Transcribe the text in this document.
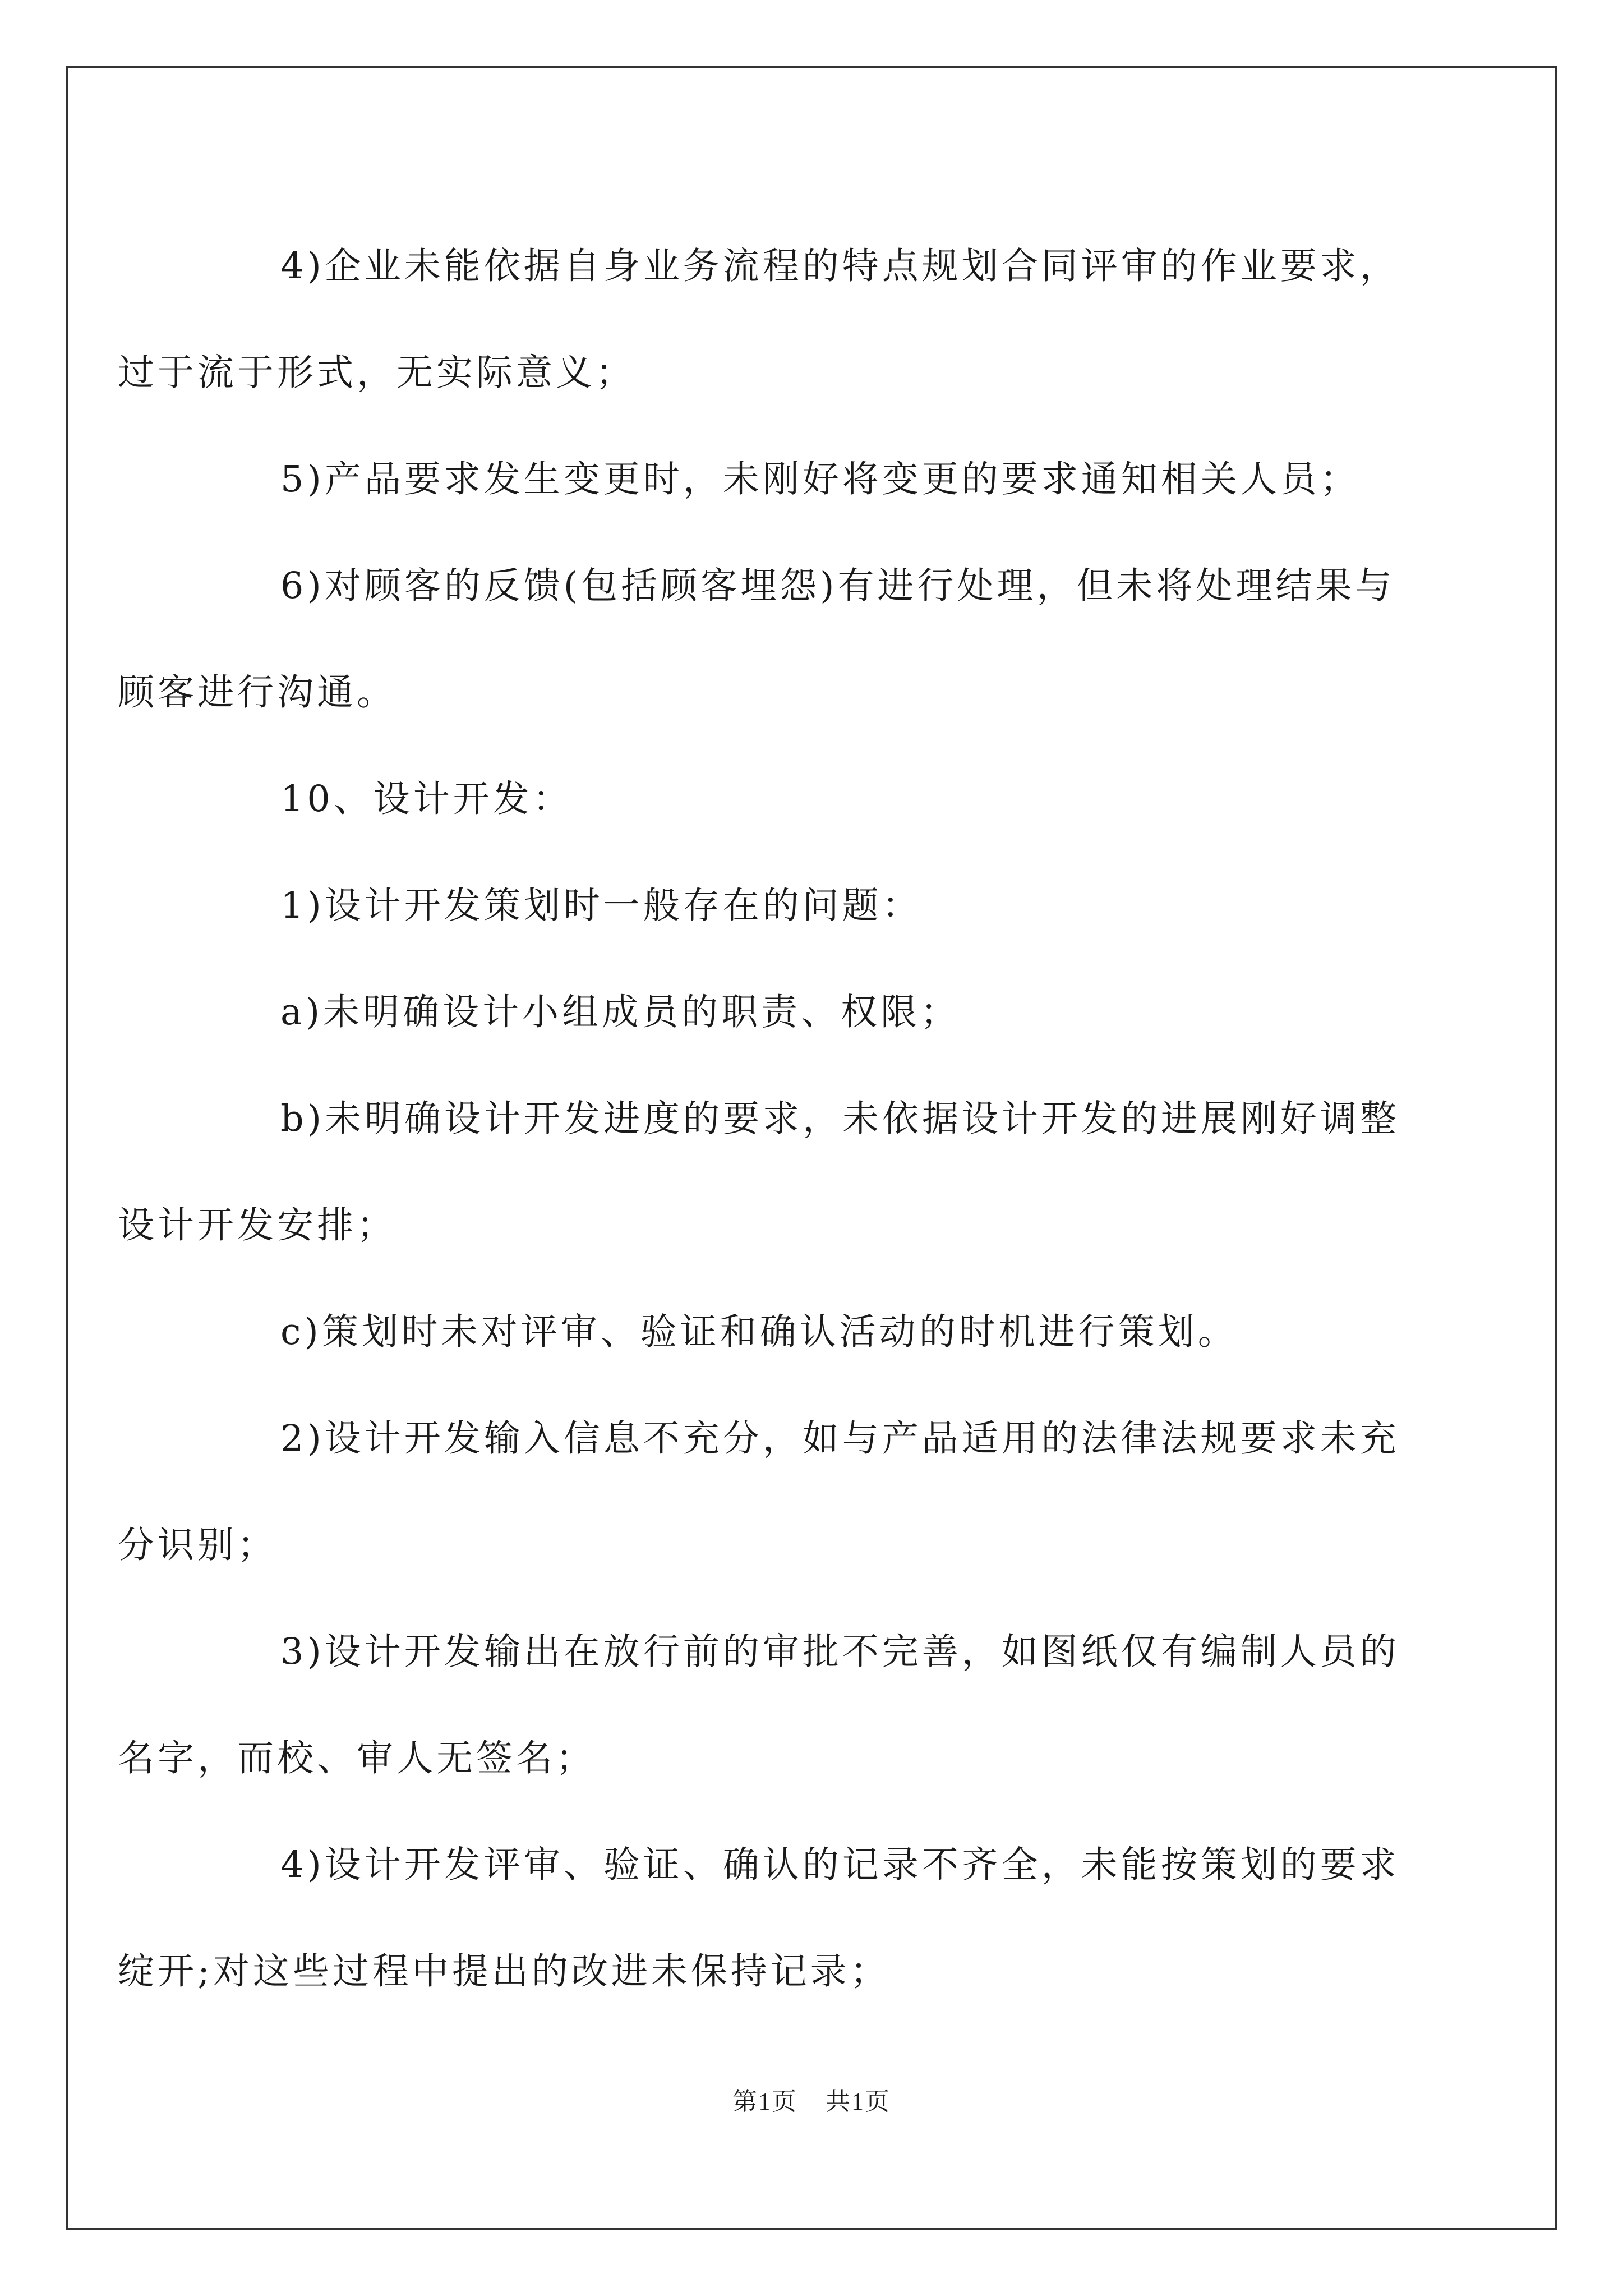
4)企业未能依据自身业务流程的特点规划合同评审的作业要求，
过于流于形式，无实际意义；

5)产品要求发生变更时，未刚好将变更的要求通知相关人员；

6)对顾客的反馈(包括顾客埋怨)有进行处理，但未将处理结果与
顾客进行沟通。

10、设计开发：

1)设计开发策划时一般存在的问题：

a)未明确设计小组成员的职责、权限；

b)未明确设计开发进度的要求，未依据设计开发的进展刚好调整
设计开发安排；

c)策划时未对评审、验证和确认活动的时机进行策划。

2)设计开发输入信息不充分，如与产品适用的法律法规要求未充
分识别；

3)设计开发输出在放行前的审批不完善，如图纸仅有编制人员的
名字，而校、审人无签名；

4)设计开发评审、验证、确认的记录不齐全，未能按策划的要求
绽开;对这些过程中提出的改进未保持记录；

第1页 共1页
